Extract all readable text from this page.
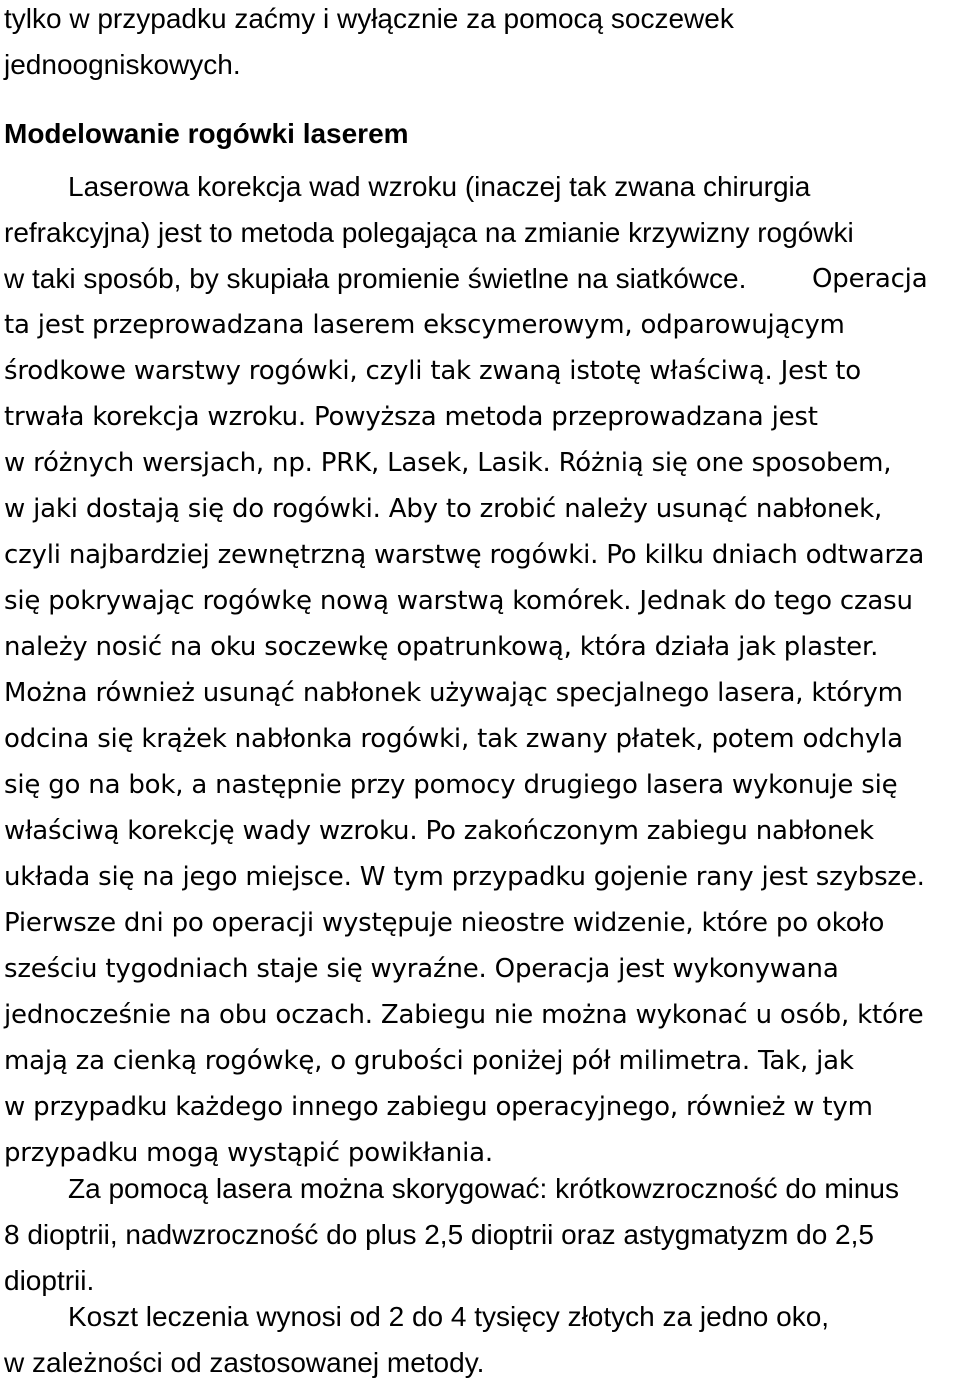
tylko w przypadku zaćmy i wyłącznie za pomocą soczewek
jednoogniskowych.
Modelowanie rogówki laserem
Laserowa korekcja wad wzroku (inaczej tak zwana chirurgia
refrakcyjna) jest to metoda polegająca na zmianie krzywizny rogówki
w taki sposób, by skupiała promienie świetlne na siatkówce.	Operacja
ta jest przeprowadzana laserem ekscymerowym, odparowującym
środkowe warstwy rogówki, czyli tak zwaną istotę właściwą. Jest to
trwała korekcja wzroku. Powyższa metoda przeprowadzana jest
w różnych wersjach, np. PRK, Lasek, Lasik. Różnią się one sposobem,
w jaki dostają się do rogówki. Aby to zrobić należy usunąć nabłonek,
czyli najbardziej zewnętrzną warstwę rogówki. Po kilku dniach odtwarza
się pokrywając rogówkę nową warstwą komórek. Jednak do tego czasu
należy nosić na oku soczewkę opatrunkową, która działa jak plaster.
Można również usunąć nabłonek używając specjalnego lasera, którym
odcina się krążek nabłonka rogówki, tak zwany płatek, potem odchyla
się go na bok, a następnie przy pomocy drugiego lasera wykonuje się
właściwą korekcję wady wzroku. Po zakończonym zabiegu nabłonek
układa się na jego miejsce. W tym przypadku gojenie rany jest szybsze.
Pierwsze dni po operacji występuje nieostre widzenie, które po około
sześciu tygodniach staje się wyraźne. Operacja jest wykonywana
jednocześnie na obu oczach. Zabiegu nie można wykonać u osób, które
mają za cienką rogówkę, o grubości poniżej pół milimetra. Tak, jak
w przypadku każdego innego zabiegu operacyjnego, również w tym
przypadku mogą wystąpić powikłania.
Za pomocą lasera można skorygować: krótkowzroczność do minus
8 dioptrii, nadwzroczność do plus 2,5 dioptrii oraz astygmatyzm do 2,5
dioptrii.
Koszt leczenia wynosi od 2 do 4 tysięcy złotych za jedno oko,
w zależności od zastosowanej metody.
